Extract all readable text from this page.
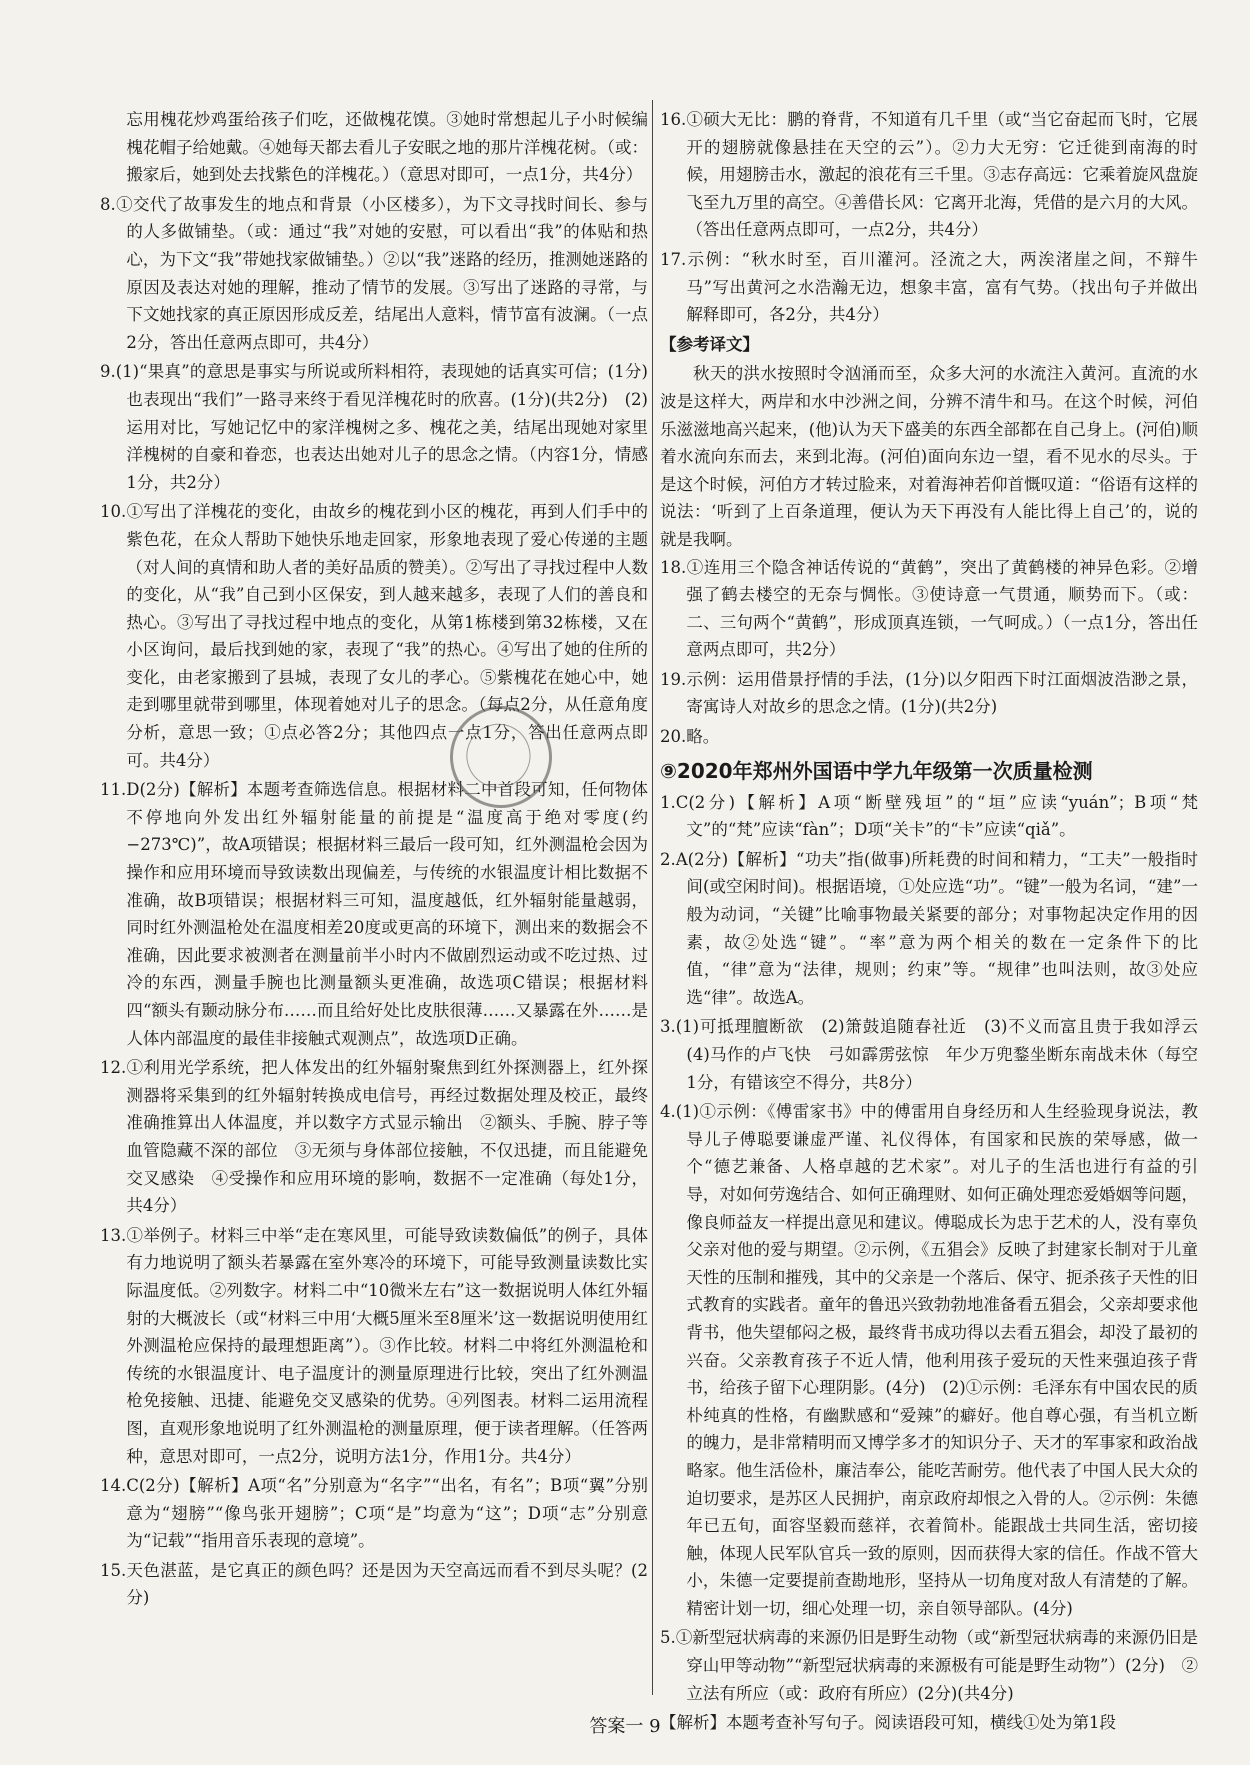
忘用槐花炒鸡蛋给孩子们吃，还做槐花馍。③她时常想起儿子小时候编槐花帽子给她戴。④她每天都去看儿子安眠之地的那片洋槐花树。（或：搬家后，她到处去找紫色的洋槐花。）（意思对即可，一点1分，共4分）

8.①交代了故事发生的地点和背景（小区楼多），为下文寻找时间长、参与的人多做铺垫。（或：通过“我”对她的安慰，可以看出“我”的体贴和热心，为下文“我”带她找家做铺垫。）②以“我”迷路的经历，推测她迷路的原因及表达对她的理解，推动了情节的发展。③写出了迷路的寻常，与下文她找家的真正原因形成反差，结尾出人意料，情节富有波澜。（一点2分，答出任意两点即可，共4分）
9.(1)“果真”的意思是事实与所说或所料相符，表现她的话真实可信；(1分)也表现出“我们”一路寻来终于看见洋槐花时的欣喜。(1分)(共2分)　(2)运用对比，写她记忆中的家洋槐树之多、槐花之美，结尾出现她对家里洋槐树的自豪和眷恋，也表达出她对儿子的思念之情。（内容1分，情感1分，共2分）
10.①写出了洋槐花的变化，由故乡的槐花到小区的槐花，再到人们手中的紫色花，在众人帮助下她快乐地走回家，形象地表现了爱心传递的主题（对人间的真情和助人者的美好品质的赞美）。②写出了寻找过程中人数的变化，从“我”自己到小区保安，到人越来越多，表现了人们的善良和热心。③写出了寻找过程中地点的变化，从第1栋楼到第32栋楼，又在小区询问，最后找到她的家，表现了“我”的热心。④写出了她的住所的变化，由老家搬到了县城，表现了女儿的孝心。⑤紫槐花在她心中，她走到哪里就带到哪里，体现着她对儿子的思念。（每点2分，从任意角度分析，意思一致；①点必答2分；其他四点一点1分，答出任意两点即可。共4分）
11.D(2分)【解析】本题考查筛选信息。根据材料二中首段可知，任何物体不停地向外发出红外辐射能量的前提是“温度高于绝对零度(约−273℃)”，故A项错误；根据材料三最后一段可知，红外测温枪会因为操作和应用环境而导致读数出现偏差，与传统的水银温度计相比数据不准确，故B项错误；根据材料三可知，温度越低，红外辐射能量越弱，同时红外测温枪处在温度相差20度或更高的环境下，测出来的数据会不准确，因此要求被测者在测量前半小时内不做剧烈运动或不吃过热、过冷的东西，测量手腕也比测量额头更准确，故选项C错误；根据材料四“额头有颞动脉分布……而且给好处比皮肤很薄……又暴露在外……是人体内部温度的最佳非接触式观测点”，故选项D正确。
12.①利用光学系统，把人体发出的红外辐射聚焦到红外探测器上，红外探测器将采集到的红外辐射转换成电信号，再经过数据处理及校正，最终准确推算出人体温度，并以数字方式显示输出　②额头、手腕、脖子等血管隐藏不深的部位　③无须与身体部位接触，不仅迅捷，而且能避免交叉感染　④受操作和应用环境的影响，数据不一定准确（每处1分，共4分）
13.①举例子。材料三中举“走在寒风里，可能导致读数偏低”的例子，具体有力地说明了额头若暴露在室外寒冷的环境下，可能导致测量读数比实际温度低。②列数字。材料二中“10微米左右”这一数据说明人体红外辐射的大概波长（或“材料三中用‘大概5厘米至8厘米’这一数据说明使用红外测温枪应保持的最理想距离”）。③作比较。材料二中将红外测温枪和传统的水银温度计、电子温度计的测量原理进行比较，突出了红外测温枪免接触、迅捷、能避免交叉感染的优势。④列图表。材料二运用流程图，直观形象地说明了红外测温枪的测量原理，便于读者理解。（任答两种，意思对即可，一点2分，说明方法1分，作用1分。共4分）
14.C(2分)【解析】A项“名”分别意为“名字”“出名，有名”；B项“翼”分别意为“翅膀”“像鸟张开翅膀”；C项“是”均意为“这”；D项“志”分别意为“记载”“指用音乐表现的意境”。
15.天色湛蓝，是它真正的颜色吗？还是因为天空高远而看不到尽头呢？(2分)
16.①硕大无比：鹏的脊背，不知道有几千里（或“当它奋起而飞时，它展开的翅膀就像悬挂在天空的云”）。②力大无穷：它迁徙到南海的时候，用翅膀击水，激起的浪花有三千里。③志存高远：它乘着旋风盘旋飞至九万里的高空。④善借长风：它离开北海，凭借的是六月的大风。（答出任意两点即可，一点2分，共4分）
17.示例：“秋水时至，百川灌河。泾流之大，两涘渚崖之间，不辩牛马”写出黄河之水浩瀚无边，想象丰富，富有气势。（找出句子并做出解释即可，各2分，共4分）
【参考译文】

秋天的洪水按照时令汹涌而至，众多大河的水流注入黄河。直流的水波是这样大，两岸和水中沙洲之间，分辨不清牛和马。在这个时候，河伯乐滋滋地高兴起来，(他)认为天下盛美的东西全部都在自己身上。(河伯)顺着水流向东而去，来到北海。(河伯)面向东边一望，看不见水的尽头。于是这个时候，河伯方才转过脸来，对着海神若仰首慨叹道：“俗语有这样的说法：‘听到了上百条道理，便认为天下再没有人能比得上自己’的，说的就是我啊。

18.①连用三个隐含神话传说的“黄鹤”，突出了黄鹤楼的神异色彩。②增强了鹤去楼空的无奈与惆怅。③使诗意一气贯通，顺势而下。（或：二、三句两个“黄鹤”，形成顶真连锁，一气呵成。）（一点1分，答出任意两点即可，共2分）
19.示例：运用借景抒情的手法，(1分)以夕阳西下时江面烟波浩渺之景，寄寓诗人对故乡的思念之情。(1分)(共2分)
20.略。
⑨2020年郑州外国语中学九年级第一次质量检测
1.C(2分)【解析】A项“断壁残垣”的“垣”应读“yuán”；B项“梵文”的“梵”应读“fàn”；D项“关卡”的“卡”应读“qiǎ”。
2.A(2分)【解析】“功夫”指(做事)所耗费的时间和精力，“工夫”一般指时间(或空闲时间)。根据语境，①处应选“功”。“键”一般为名词，“建”一般为动词，“关键”比喻事物最关紧要的部分；对事物起决定作用的因素，故②处选“键”。“率”意为两个相关的数在一定条件下的比值，“律”意为“法律，规则；约束”等。“规律”也叫法则，故③处应选“律”。故选A。
3.(1)可抵理膻断欲　(2)箫鼓追随春社近　(3)不义而富且贵于我如浮云　(4)马作的卢飞快　弓如霹雳弦惊　年少万兜鍪坐断东南战未休（每空1分，有错该空不得分，共8分）
4.(1)①示例：《傅雷家书》中的傅雷用自身经历和人生经验现身说法，教导儿子傅聪要谦虚严谨、礼仪得体，有国家和民族的荣辱感，做一个“德艺兼备、人格卓越的艺术家”。对儿子的生活也进行有益的引导，对如何劳逸结合、如何正确理财、如何正确处理恋爱婚姻等问题，像良师益友一样提出意见和建议。傅聪成长为忠于艺术的人，没有辜负父亲对他的爱与期望。②示例，《五猖会》反映了封建家长制对于儿童天性的压制和摧残，其中的父亲是一个落后、保守、扼杀孩子天性的旧式教育的实践者。童年的鲁迅兴致勃勃地准备看五猖会，父亲却要求他背书，他失望郁闷之极，最终背书成功得以去看五猖会，却没了最初的兴奋。父亲教育孩子不近人情，他利用孩子爱玩的天性来强迫孩子背书，给孩子留下心理阴影。(4分)　(2)①示例：毛泽东有中国农民的质朴纯真的性格，有幽默感和“爱辣”的癖好。他自尊心强，有当机立断的魄力，是非常精明而又博学多才的知识分子、天才的军事家和政治战略家。他生活俭朴，廉洁奉公，能吃苦耐劳。他代表了中国人民大众的迫切要求，是苏区人民拥护，南京政府却恨之入骨的人。②示例：朱德年已五旬，面容坚毅而慈祥，衣着简朴。能跟战士共同生活，密切接触，体现人民军队官兵一致的原则，因而获得大家的信任。作战不管大小，朱德一定要提前查勘地形，坚持从一切角度对敌人有清楚的了解。精密计划一切，细心处理一切，亲自领导部队。(4分)
5.①新型冠状病毒的来源仍旧是野生动物（或“新型冠状病毒的来源仍旧是穿山甲等动物”“新型冠状病毒的来源极有可能是野生动物”）(2分)　②立法有所应（或：政府有所应）(2分)(共4分)
【解析】本题考查补写句子。阅读语段可知，横线①处为第1段
答案一 9
